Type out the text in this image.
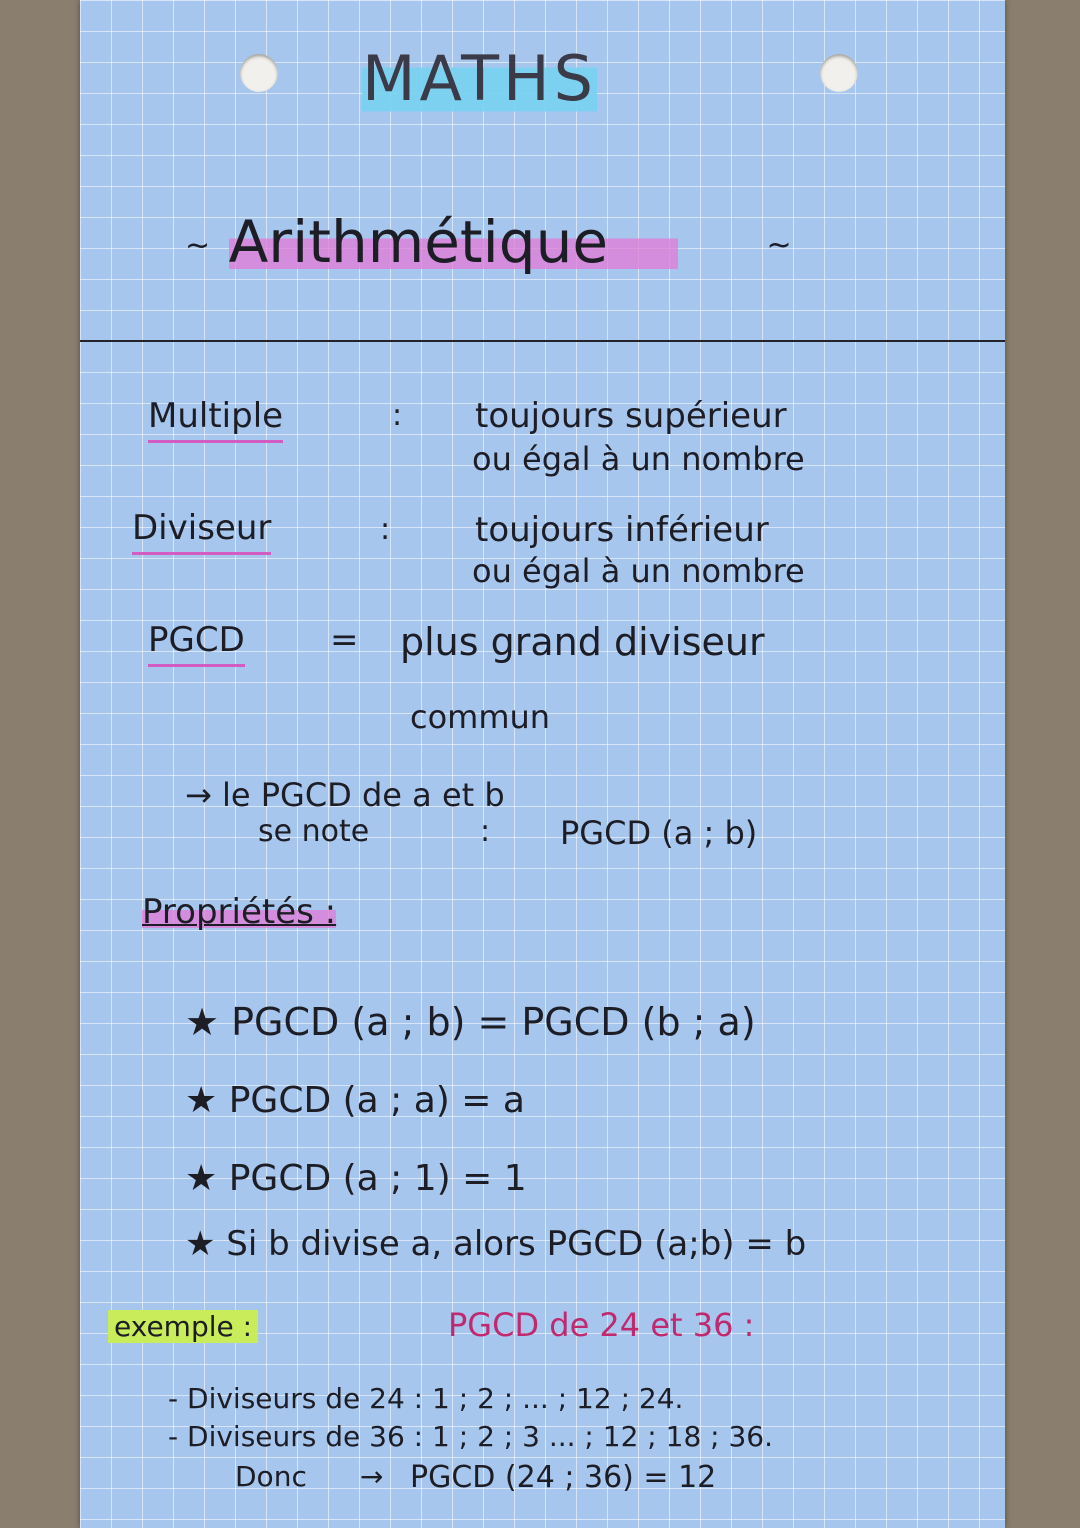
MATHS
~ Arithmétique	~
Multiple	: toujours supérieur
ou égal à un nombre
Diviseur	: toujours inférieur
ou égal à un nombre
PGCD	= plus grand diviseur
commun
→ le PGCD de a et b
se note	: PGCD (a ; b)
Propriétés :
★ PGCD (a ; b) = PGCD (b ; a)
★ PGCD (a ; a) = a
★ PGCD (a ; 1) = 1
★ Si b divise a, alors PGCD (a;b) = b
exemple :	PGCD de 24 et 36 :
- Diviseurs de 24 : 1 ; 2 ; ... ; 12 ; 24.
- Diviseurs de 36 : 1 ; 2 ; 3 ... ; 12 ; 18 ; 36.
Donc → PGCD (24 ; 36) = 12
